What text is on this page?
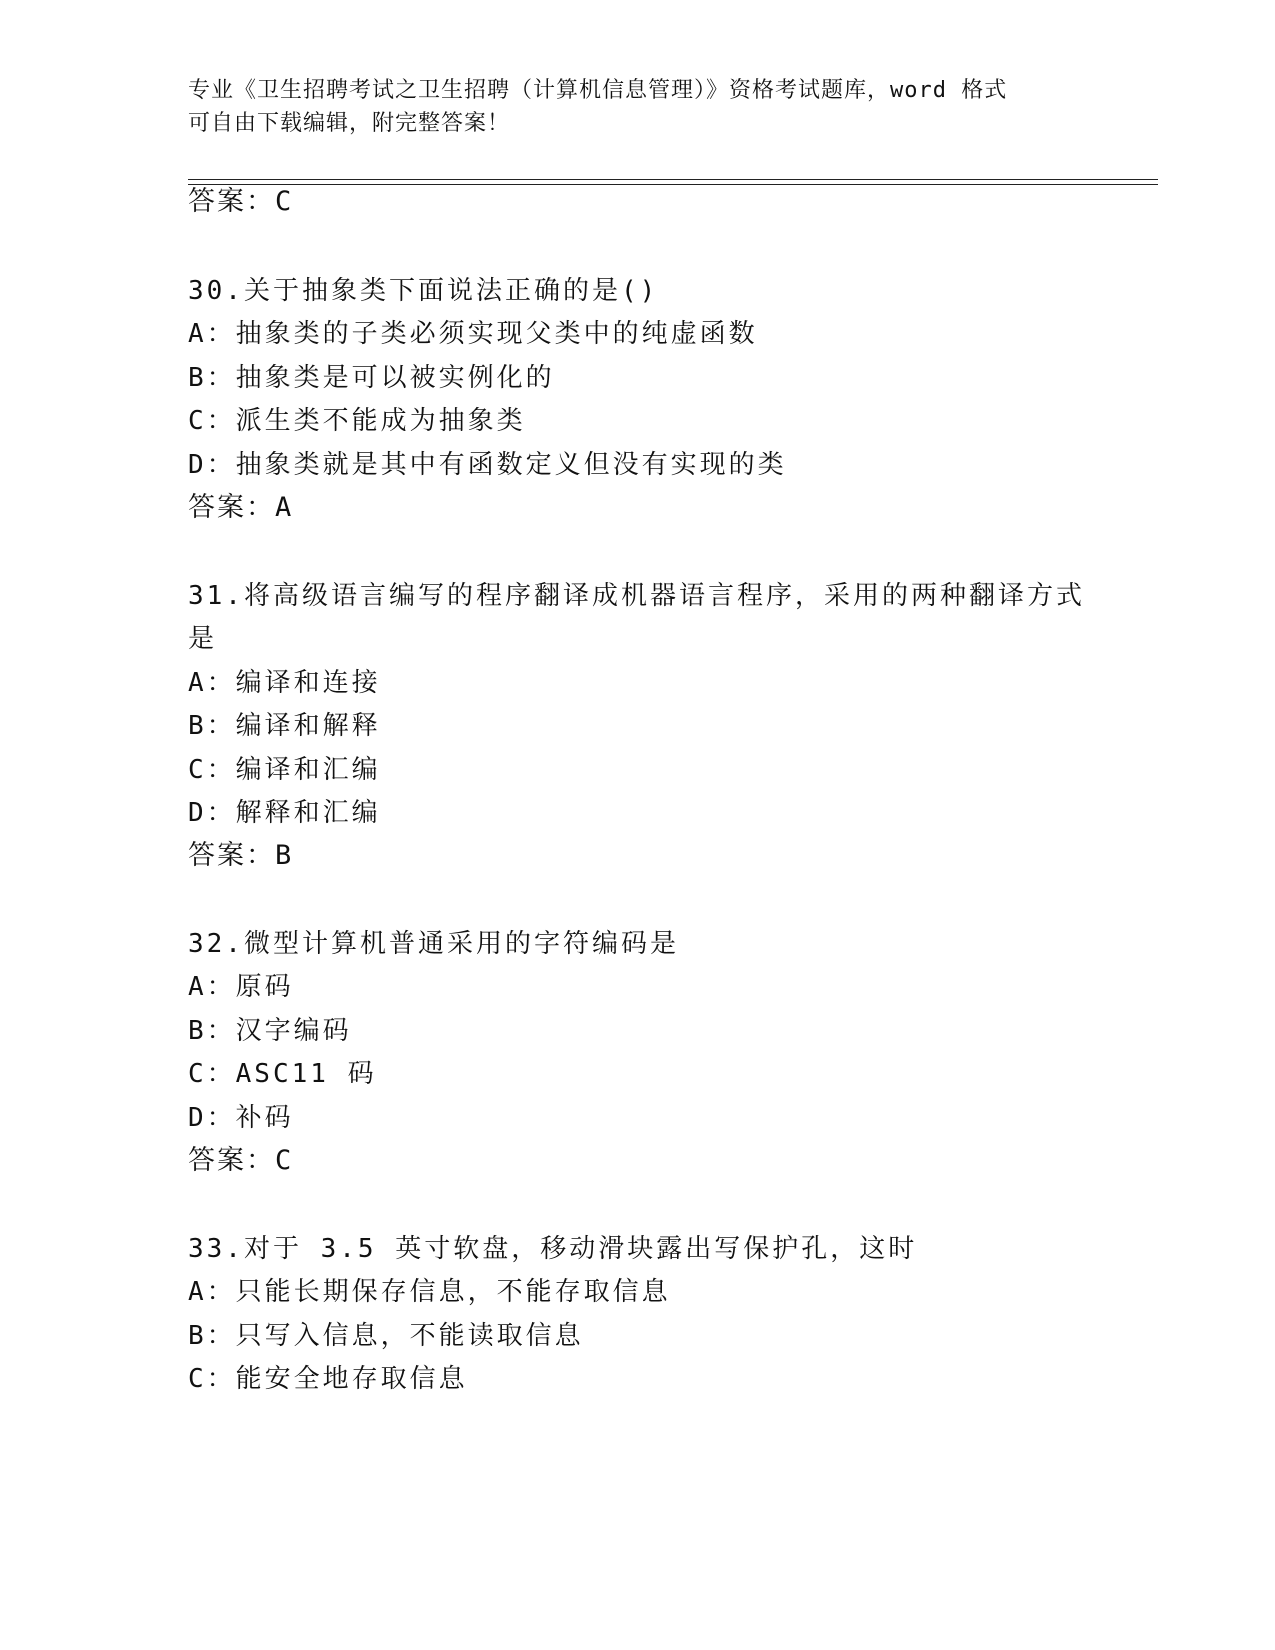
专业《卫生招聘考试之卫生招聘（计算机信息管理）》资格考试题库，word 格式
可自由下载编辑，附完整答案！
答案：C
30.关于抽象类下面说法正确的是()
A：抽象类的子类必须实现父类中的纯虚函数
B：抽象类是可以被实例化的
C：派生类不能成为抽象类
D：抽象类就是其中有函数定义但没有实现的类
答案：A
31.将高级语言编写的程序翻译成机器语言程序，采用的两种翻译方式
是
A：编译和连接
B：编译和解释
C：编译和汇编
D：解释和汇编
答案：B
32.微型计算机普通采用的字符编码是
A：原码
B：汉字编码
C：ASC11 码
D：补码
答案：C
33.对于 3.5 英寸软盘，移动滑块露出写保护孔，这时
A：只能长期保存信息，不能存取信息
B：只写入信息，不能读取信息
C：能安全地存取信息
